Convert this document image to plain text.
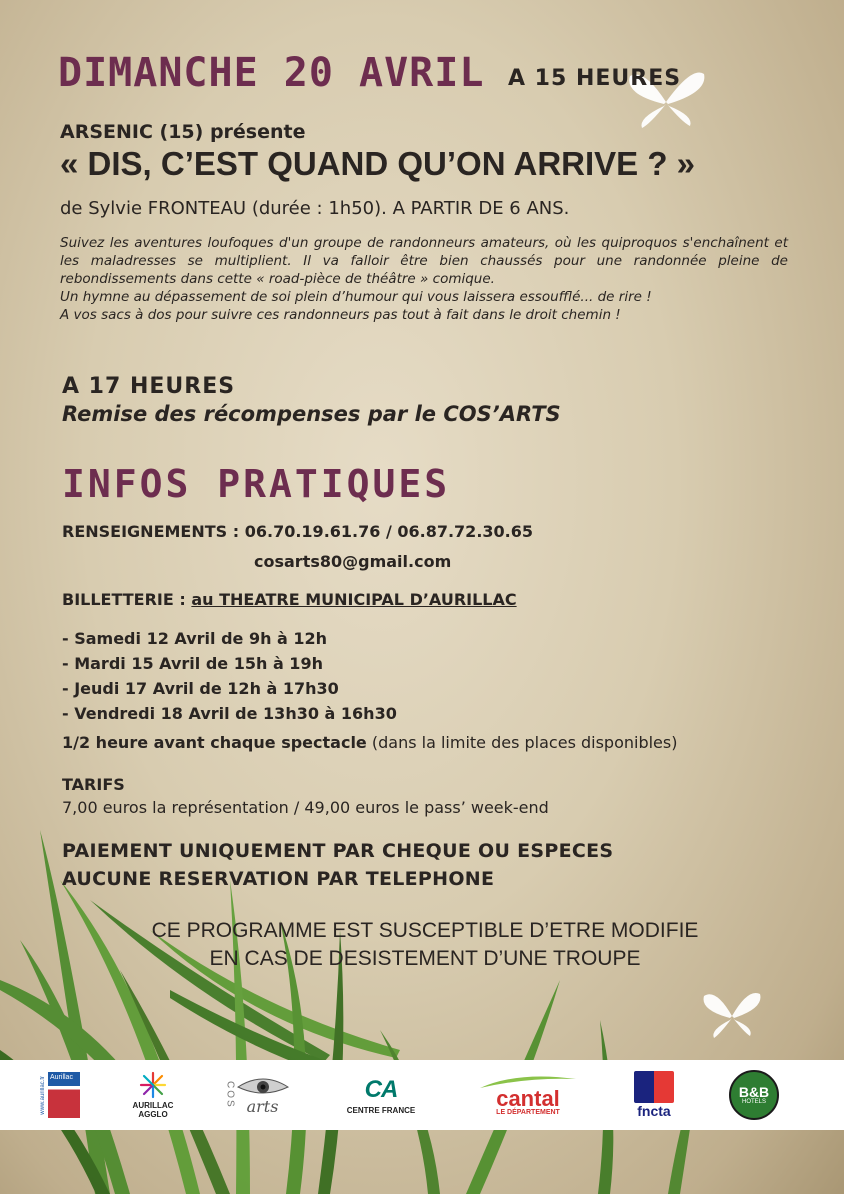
DIMANCHE 20 AVRIL A 15 HEURES
ARSENIC (15) présente
« DIS, C’EST QUAND QU’ON ARRIVE ? »
de Sylvie FRONTEAU (durée : 1h50). A PARTIR DE 6 ANS.

Suivez les aventures loufoques d'un groupe de randonneurs amateurs, où les quiproquos s'enchaînent et les maladresses se multiplient. Il va falloir être bien chaussés pour une randonnée pleine de rebondissements dans cette « road-pièce de théâtre » comique.

Un hymne au dépassement de soi plein d’humour qui vous laissera essoufflé... de rire !

A vos sacs à dos pour suivre ces randonneurs pas tout à fait dans le droit chemin !

A 17 HEURES
Remise des récompenses par le COS’ARTS
INFOS PRATIQUES
RENSEIGNEMENTS : 06.70.19.61.76 / 06.87.72.30.65
cosarts80@gmail.com
BILLETTERIE : au THEATRE MUNICIPAL D’AURILLAC
- Samedi 12 Avril de 9h à 12h
- Mardi 15 Avril de 15h à 19h
- Jeudi 17 Avril de 12h à 17h30
- Vendredi 18 Avril de 13h30 à 16h30
1/2 heure avant chaque spectacle (dans la limite des places disponibles)
TARIFS
7,00 euros la représentation / 49,00 euros le pass’ week-end
PAIEMENT UNIQUEMENT PAR CHEQUE OU ESPECES
AUCUNE RESERVATION PAR TELEPHONE
CE PROGRAMME EST SUSCEPTIBLE D’ETRE MODIFIE
EN CAS DE DESISTEMENT D’UNE TROUPE
www.aurillac.fr Aurillac
AURILLAC
AGGLO
COS arts
CA
CENTRE FRANCE	cantal
LE DÉPARTEMENT	fncta
B&B
HOTELS
